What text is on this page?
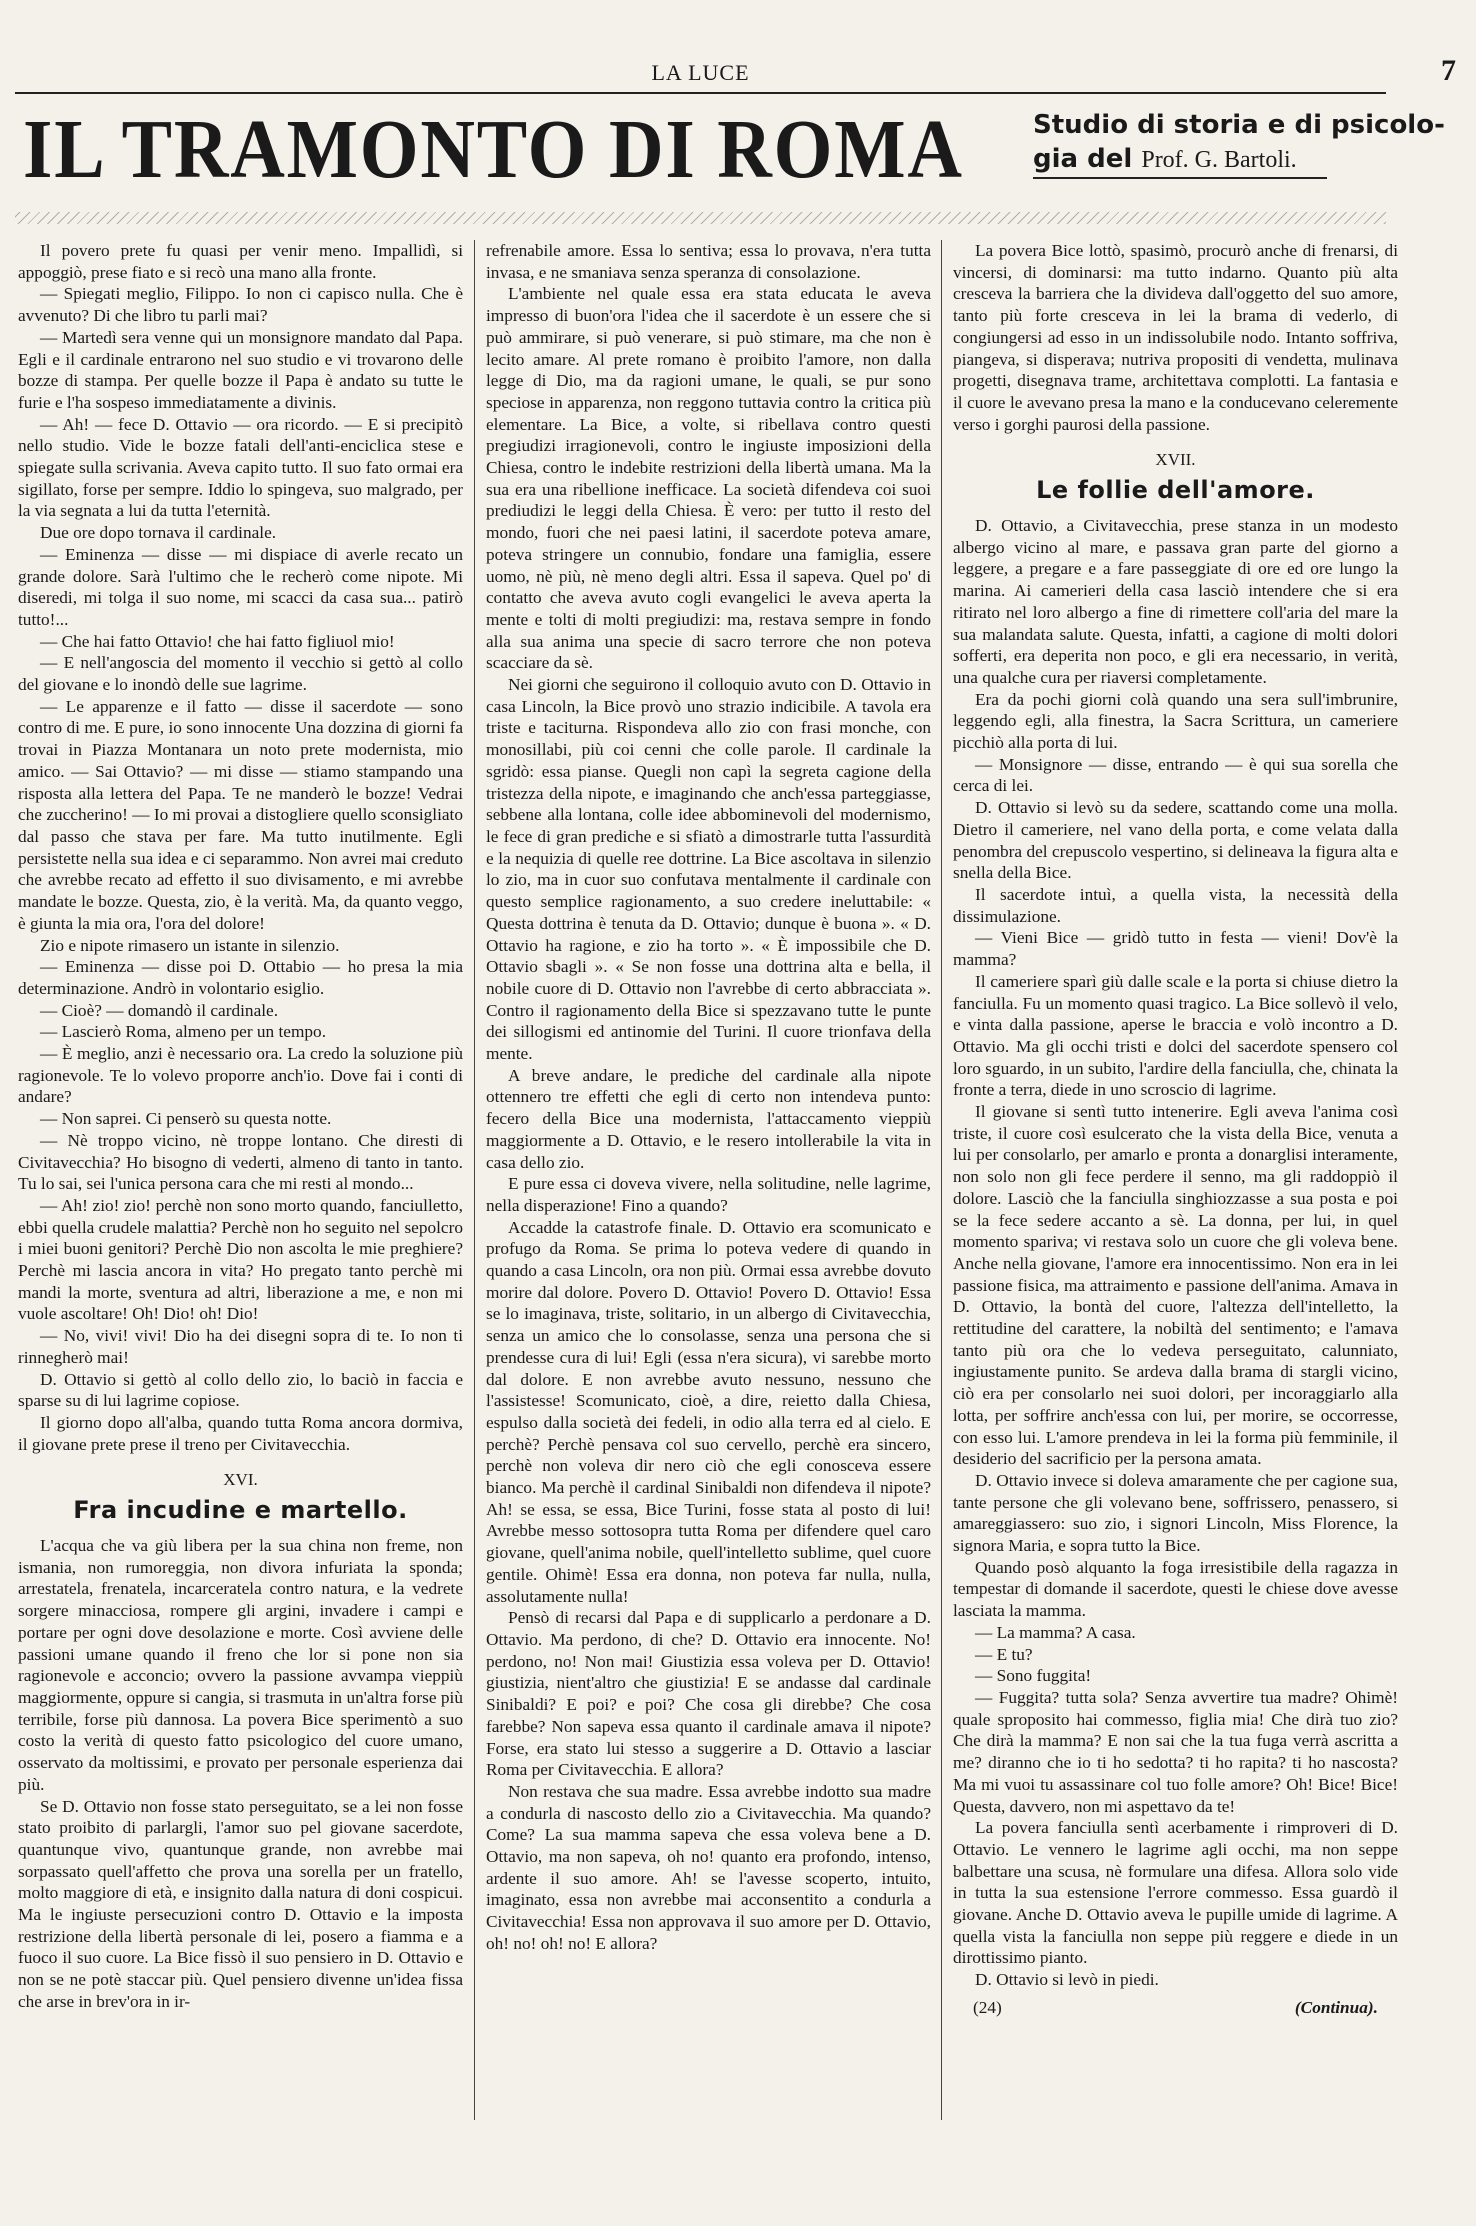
LA LUCE	7
IL TRAMONTO DI ROMA	Studio di storia e di psicolo-
gia del Prof. G. Bartoli.

Il povero prete fu quasi per venir meno. Impallidì, si appoggiò, prese fiato e si recò una mano alla fronte.

— Spiegati meglio, Filippo. Io non ci capisco nulla. Che è avvenuto? Di che libro tu parli mai?

— Martedì sera venne qui un monsignore mandato dal Papa. Egli e il cardinale entrarono nel suo studio e vi trovarono delle bozze di stampa. Per quelle bozze il Papa è andato su tutte le furie e l'ha sospeso immediatamente a divinis.

— Ah! — fece D. Ottavio — ora ricordo. — E si precipitò nello studio. Vide le bozze fatali dell'anti-enciclica stese e spiegate sulla scrivania. Aveva capito tutto. Il suo fato ormai era sigillato, forse per sempre. Iddio lo spingeva, suo malgrado, per la via segnata a lui da tutta l'eternità.

Due ore dopo tornava il cardinale.

— Eminenza — disse — mi dispiace di averle recato un grande dolore. Sarà l'ultimo che le recherò come nipote. Mi diseredi, mi tolga il suo nome, mi scacci da casa sua... patirò tutto!...

— Che hai fatto Ottavio! che hai fatto figliuol mio!

— E nell'angoscia del momento il vecchio si gettò al collo del giovane e lo inondò delle sue lagrime.

— Le apparenze e il fatto — disse il sacerdote — sono contro di me. E pure, io sono innocente Una dozzina di giorni fa trovai in Piazza Montanara un noto prete modernista, mio amico. — Sai Ottavio? — mi disse — stiamo stampando una risposta alla lettera del Papa. Te ne manderò le bozze! Vedrai che zuccherino! — Io mi provai a distogliere quello sconsigliato dal passo che stava per fare. Ma tutto inutilmente. Egli persistette nella sua idea e ci separammo. Non avrei mai creduto che avrebbe recato ad effetto il suo divisamento, e mi avrebbe mandate le bozze. Questa, zio, è la verità. Ma, da quanto veggo, è giunta la mia ora, l'ora del dolore!

Zio e nipote rimasero un istante in silenzio.

— Eminenza — disse poi D. Ottabio — ho presa la mia determinazione. Andrò in volontario esiglio.

— Cioè? — domandò il cardinale.

— Lascierò Roma, almeno per un tempo.

— È meglio, anzi è necessario ora. La credo la soluzione più ragionevole. Te lo volevo proporre anch'io. Dove fai i conti di andare?

— Non saprei. Ci penserò su questa notte.

— Nè troppo vicino, nè troppe lontano. Che diresti di Civitavecchia? Ho bisogno di vederti, almeno di tanto in tanto. Tu lo sai, sei l'unica persona cara che mi resti al mondo...

— Ah! zio! zio! perchè non sono morto quando, fanciulletto, ebbi quella crudele malattia? Perchè non ho seguito nel sepolcro i miei buoni genitori? Perchè Dio non ascolta le mie preghiere? Perchè mi lascia ancora in vita? Ho pregato tanto perchè mi mandi la morte, sventura ad altri, liberazione a me, e non mi vuole ascoltare! Oh! Dio! oh! Dio!

— No, vivi! vivi! Dio ha dei disegni sopra di te. Io non ti rinnegherò mai!

D. Ottavio si gettò al collo dello zio, lo baciò in faccia e sparse su di lui lagrime copiose.

Il giorno dopo all'alba, quando tutta Roma ancora dormiva, il giovane prete prese il treno per Civitavecchia.

XVI.

Fra incudine e martello.

L'acqua che va giù libera per la sua china non freme, non ismania, non rumoreggia, non divora infuriata la sponda; arrestatela, frenatela, incarceratela contro natura, e la vedrete sorgere minacciosa, rompere gli argini, invadere i campi e portare per ogni dove desolazione e morte. Così avviene delle passioni umane quando il freno che lor si pone non sia ragionevole e acconcio; ovvero la passione avvampa vieppiù maggiormente, oppure si cangia, si trasmuta in un'altra forse più terribile, forse più dannosa. La povera Bice sperimentò a suo costo la verità di questo fatto psicologico del cuore umano, osservato da moltissimi, e provato per personale esperienza dai più.

Se D. Ottavio non fosse stato perseguitato, se a lei non fosse stato proibito di parlargli, l'amor suo pel giovane sacerdote, quantunque vivo, quantunque grande, non avrebbe mai sorpassato quell'affetto che prova una sorella per un fratello, molto maggiore di età, e insignito dalla natura di doni cospicui. Ma le ingiuste persecuzioni contro D. Ottavio e la imposta restrizione della libertà personale di lei, posero a fiamma e a fuoco il suo cuore. La Bice fissò il suo pensiero in D. Ottavio e non se ne potè staccar più. Quel pensiero divenne un'idea fissa che arse in brev'ora in ir-

refrenabile amore. Essa lo sentiva; essa lo provava, n'era tutta invasa, e ne smaniava senza speranza di consolazione.

L'ambiente nel quale essa era stata educata le aveva impresso di buon'ora l'idea che il sacerdote è un essere che si può ammirare, si può venerare, si può stimare, ma che non è lecito amare. Al prete romano è proibito l'amore, non dalla legge di Dio, ma da ragioni umane, le quali, se pur sono speciose in apparenza, non reggono tuttavia contro la critica più elementare. La Bice, a volte, si ribellava contro questi pregiudizi irragionevoli, contro le ingiuste imposizioni della Chiesa, contro le indebite restrizioni della libertà umana. Ma la sua era una ribellione inefficace. La società difendeva coi suoi prediudizi le leggi della Chiesa. È vero: per tutto il resto del mondo, fuori che nei paesi latini, il sacerdote poteva amare, poteva stringere un connubio, fondare una famiglia, essere uomo, nè più, nè meno degli altri. Essa il sapeva. Quel po' di contatto che aveva avuto cogli evangelici le aveva aperta la mente e tolti di molti pregiudizi: ma, restava sempre in fondo alla sua anima una specie di sacro terrore che non poteva scacciare da sè.

Nei giorni che seguirono il colloquio avuto con D. Ottavio in casa Lincoln, la Bice provò uno strazio indicibile. A tavola era triste e taciturna. Rispondeva allo zio con frasi monche, con monosillabi, più coi cenni che colle parole. Il cardinale la sgridò: essa pianse. Quegli non capì la segreta cagione della tristezza della nipote, e imaginando che anch'essa parteggiasse, sebbene alla lontana, colle idee abbominevoli del modernismo, le fece di gran prediche e si sfiatò a dimostrarle tutta l'assurdità e la nequizia di quelle ree dottrine. La Bice ascoltava in silenzio lo zio, ma in cuor suo confutava mentalmente il cardinale con questo semplice ragionamento, a suo credere ineluttabile: « Questa dottrina è tenuta da D. Ottavio; dunque è buona ». « D. Ottavio ha ragione, e zio ha torto ». « È impossibile che D. Ottavio sbagli ». « Se non fosse una dottrina alta e bella, il nobile cuore di D. Ottavio non l'avrebbe di certo abbracciata ». Contro il ragionamento della Bice si spezzavano tutte le punte dei sillogismi ed antinomie del Turini. Il cuore trionfava della mente.

A breve andare, le prediche del cardinale alla nipote ottennero tre effetti che egli di certo non intendeva punto: fecero della Bice una modernista, l'attaccamento vieppiù maggiormente a D. Ottavio, e le resero intollerabile la vita in casa dello zio.

E pure essa ci doveva vivere, nella solitudine, nelle lagrime, nella disperazione! Fino a quando?

Accadde la catastrofe finale. D. Ottavio era scomunicato e profugo da Roma. Se prima lo poteva vedere di quando in quando a casa Lincoln, ora non più. Ormai essa avrebbe dovuto morire dal dolore. Povero D. Ottavio! Povero D. Ottavio! Essa se lo imaginava, triste, solitario, in un albergo di Civitavecchia, senza un amico che lo consolasse, senza una persona che si prendesse cura di lui! Egli (essa n'era sicura), vi sarebbe morto dal dolore. E non avrebbe avuto nessuno, nessuno che l'assistesse! Scomunicato, cioè, a dire, reietto dalla Chiesa, espulso dalla società dei fedeli, in odio alla terra ed al cielo. E perchè? Perchè pensava col suo cervello, perchè era sincero, perchè non voleva dir nero ciò che egli conosceva essere bianco. Ma perchè il cardinal Sinibaldi non difendeva il nipote? Ah! se essa, se essa, Bice Turini, fosse stata al posto di lui! Avrebbe messo sottosopra tutta Roma per difendere quel caro giovane, quell'anima nobile, quell'intelletto sublime, quel cuore gentile. Ohimè! Essa era donna, non poteva far nulla, nulla, assolutamente nulla!

Pensò di recarsi dal Papa e di supplicarlo a perdonare a D. Ottavio. Ma perdono, di che? D. Ottavio era innocente. No! perdono, no! Non mai! Giustizia essa voleva per D. Ottavio! giustizia, nient'altro che giustizia! E se andasse dal cardinale Sinibaldi? E poi? e poi? Che cosa gli direbbe? Che cosa farebbe? Non sapeva essa quanto il cardinale amava il nipote? Forse, era stato lui stesso a suggerire a D. Ottavio a lasciar Roma per Civitavecchia. E allora?

Non restava che sua madre. Essa avrebbe indotto sua madre a condurla di nascosto dello zio a Civitavecchia. Ma quando? Come? La sua mamma sapeva che essa voleva bene a D. Ottavio, ma non sapeva, oh no! quanto era profondo, intenso, ardente il suo amore. Ah! se l'avesse scoperto, intuito, imaginato, essa non avrebbe mai acconsentito a condurla a Civitavecchia! Essa non approvava il suo amore per D. Ottavio, oh! no! oh! no! E allora?

La povera Bice lottò, spasimò, procurò anche di frenarsi, di vincersi, di dominarsi: ma tutto indarno. Quanto più alta cresceva la barriera che la divideva dall'oggetto del suo amore, tanto più forte cresceva in lei la brama di vederlo, di congiungersi ad esso in un indissolubile nodo. Intanto soffriva, piangeva, si disperava; nutriva propositi di vendetta, mulinava progetti, disegnava trame, architettava complotti. La fantasia e il cuore le avevano presa la mano e la conducevano celeremente verso i gorghi paurosi della passione.

XVII.

Le follie dell'amore.

D. Ottavio, a Civitavecchia, prese stanza in un modesto albergo vicino al mare, e passava gran parte del giorno a leggere, a pregare e a fare passeggiate di ore ed ore lungo la marina. Ai camerieri della casa lasciò intendere che si era ritirato nel loro albergo a fine di rimettere coll'aria del mare la sua malandata salute. Questa, infatti, a cagione di molti dolori sofferti, era deperita non poco, e gli era necessario, in verità, una qualche cura per riaversi completamente.

Era da pochi giorni colà quando una sera sull'imbrunire, leggendo egli, alla finestra, la Sacra Scrittura, un cameriere picchiò alla porta di lui.

— Monsignore — disse, entrando — è qui sua sorella che cerca di lei.

D. Ottavio si levò su da sedere, scattando come una molla. Dietro il cameriere, nel vano della porta, e come velata dalla penombra del crepuscolo vespertino, si delineava la figura alta e snella della Bice.

Il sacerdote intuì, a quella vista, la necessità della dissimulazione.

— Vieni Bice — gridò tutto in festa — vieni! Dov'è la mamma?

Il cameriere sparì giù dalle scale e la porta si chiuse dietro la fanciulla. Fu un momento quasi tragico. La Bice sollevò il velo, e vinta dalla passione, aperse le braccia e volò incontro a D. Ottavio. Ma gli occhi tristi e dolci del sacerdote spensero col loro sguardo, in un subito, l'ardire della fanciulla, che, chinata la fronte a terra, diede in uno scroscio di lagrime.

Il giovane si sentì tutto intenerire. Egli aveva l'anima così triste, il cuore così esulcerato che la vista della Bice, venuta a lui per consolarlo, per amarlo e pronta a donarglisi interamente, non solo non gli fece perdere il senno, ma gli raddoppiò il dolore. Lasciò che la fanciulla singhiozzasse a sua posta e poi se la fece sedere accanto a sè. La donna, per lui, in quel momento spariva; vi restava solo un cuore che gli voleva bene. Anche nella giovane, l'amore era innocentissimo. Non era in lei passione fisica, ma attraimento e passione dell'anima. Amava in D. Ottavio, la bontà del cuore, l'altezza dell'intelletto, la rettitudine del carattere, la nobiltà del sentimento; e l'amava tanto più ora che lo vedeva perseguitato, calunniato, ingiustamente punito. Se ardeva dalla brama di stargli vicino, ciò era per consolarlo nei suoi dolori, per incoraggiarlo alla lotta, per soffrire anch'essa con lui, per morire, se occorresse, con esso lui. L'amore prendeva in lei la forma più femminile, il desiderio del sacrificio per la persona amata.

D. Ottavio invece si doleva amaramente che per cagione sua, tante persone che gli volevano bene, soffrissero, penassero, si amareggiassero: suo zio, i signori Lincoln, Miss Florence, la signora Maria, e sopra tutto la Bice.

Quando posò alquanto la foga irresistibile della ragazza in tempestar di domande il sacerdote, questi le chiese dove avesse lasciata la mamma.

— La mamma? A casa.

— E tu?

— Sono fuggita!

— Fuggita? tutta sola? Senza avvertire tua madre? Ohimè! quale sproposito hai commesso, figlia mia! Che dirà tuo zio? Che dirà la mamma? E non sai che la tua fuga verrà ascritta a me? diranno che io ti ho sedotta? ti ho rapita? ti ho nascosta? Ma mi vuoi tu assassinare col tuo folle amore? Oh! Bice! Bice! Questa, davvero, non mi aspettavo da te!

La povera fanciulla sentì acerbamente i rimproveri di D. Ottavio. Le vennero le lagrime agli occhi, ma non seppe balbettare una scusa, nè formulare una difesa. Allora solo vide in tutta la sua estensione l'errore commesso. Essa guardò il giovane. Anche D. Ottavio aveva le pupille umide di lagrime. A quella vista la fanciulla non seppe più reggere e diede in un dirottissimo pianto.

D. Ottavio si levò in piedi.

(24)	(Continua).
